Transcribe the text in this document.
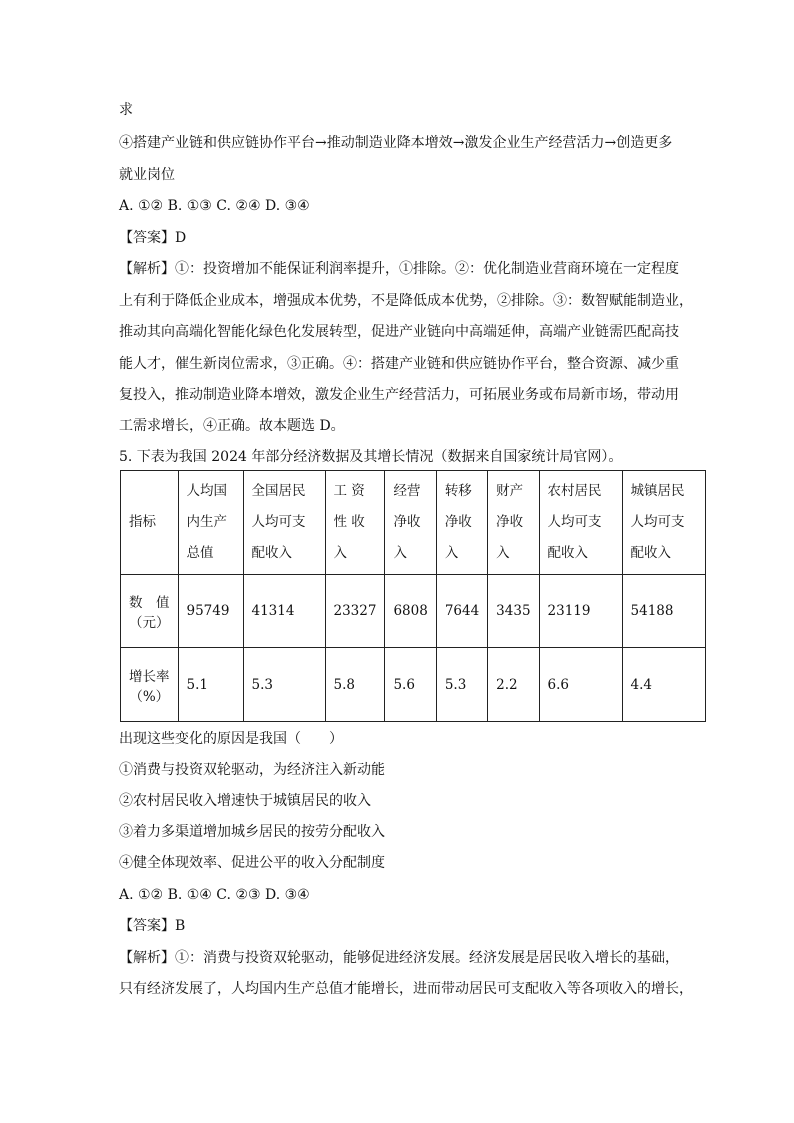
求
④搭建产业链和供应链协作平台→推动制造业降本增效→激发企业生产经营活力→创造更多
就业岗位
A. ①② B. ①③ C. ②④ D. ③④
【答案】D
【解析】①：投资增加不能保证利润率提升，①排除。②：优化制造业营商环境在一定程度
上有利于降低企业成本，增强成本优势，不是降低成本优势，②排除。③：数智赋能制造业，
推动其向高端化智能化绿色化发展转型，促进产业链向中高端延伸，高端产业链需匹配高技
能人才，催生新岗位需求，③正确。④：搭建产业链和供应链协作平台，整合资源、减少重
复投入，推动制造业降本增效，激发企业生产经营活力，可拓展业务或布局新市场，带动用
工需求增长，④正确。故本题选 D。
5. 下表为我国 2024 年部分经济数据及其增长情况（数据来自国家统计局官网）。
指标	人均国
内生产
总值	全国居民
人均可支
配收入	工 资
性 收
入	经营
净收
入	转移
净收
入	财产
净收
入	农村居民
人均可支
配收入	城镇居民
人均可支
配收入
数　值
（元）	95749	41314	23327	6808	7644	3435	23119	54188
增长率
（%）	5.1	5.3	5.8	5.6	5.3	2.2	6.6	4.4
出现这些变化的原因是我国（　　）
①消费与投资双轮驱动，为经济注入新动能
②农村居民收入增速快于城镇居民的收入
③着力多渠道增加城乡居民的按劳分配收入
④健全体现效率、促进公平的收入分配制度
A. ①② B. ①④ C. ②③ D. ③④
【答案】B
【解析】①：消费与投资双轮驱动，能够促进经济发展。经济发展是居民收入增长的基础，
只有经济发展了，人均国内生产总值才能增长，进而带动居民可支配收入等各项收入的增长，
